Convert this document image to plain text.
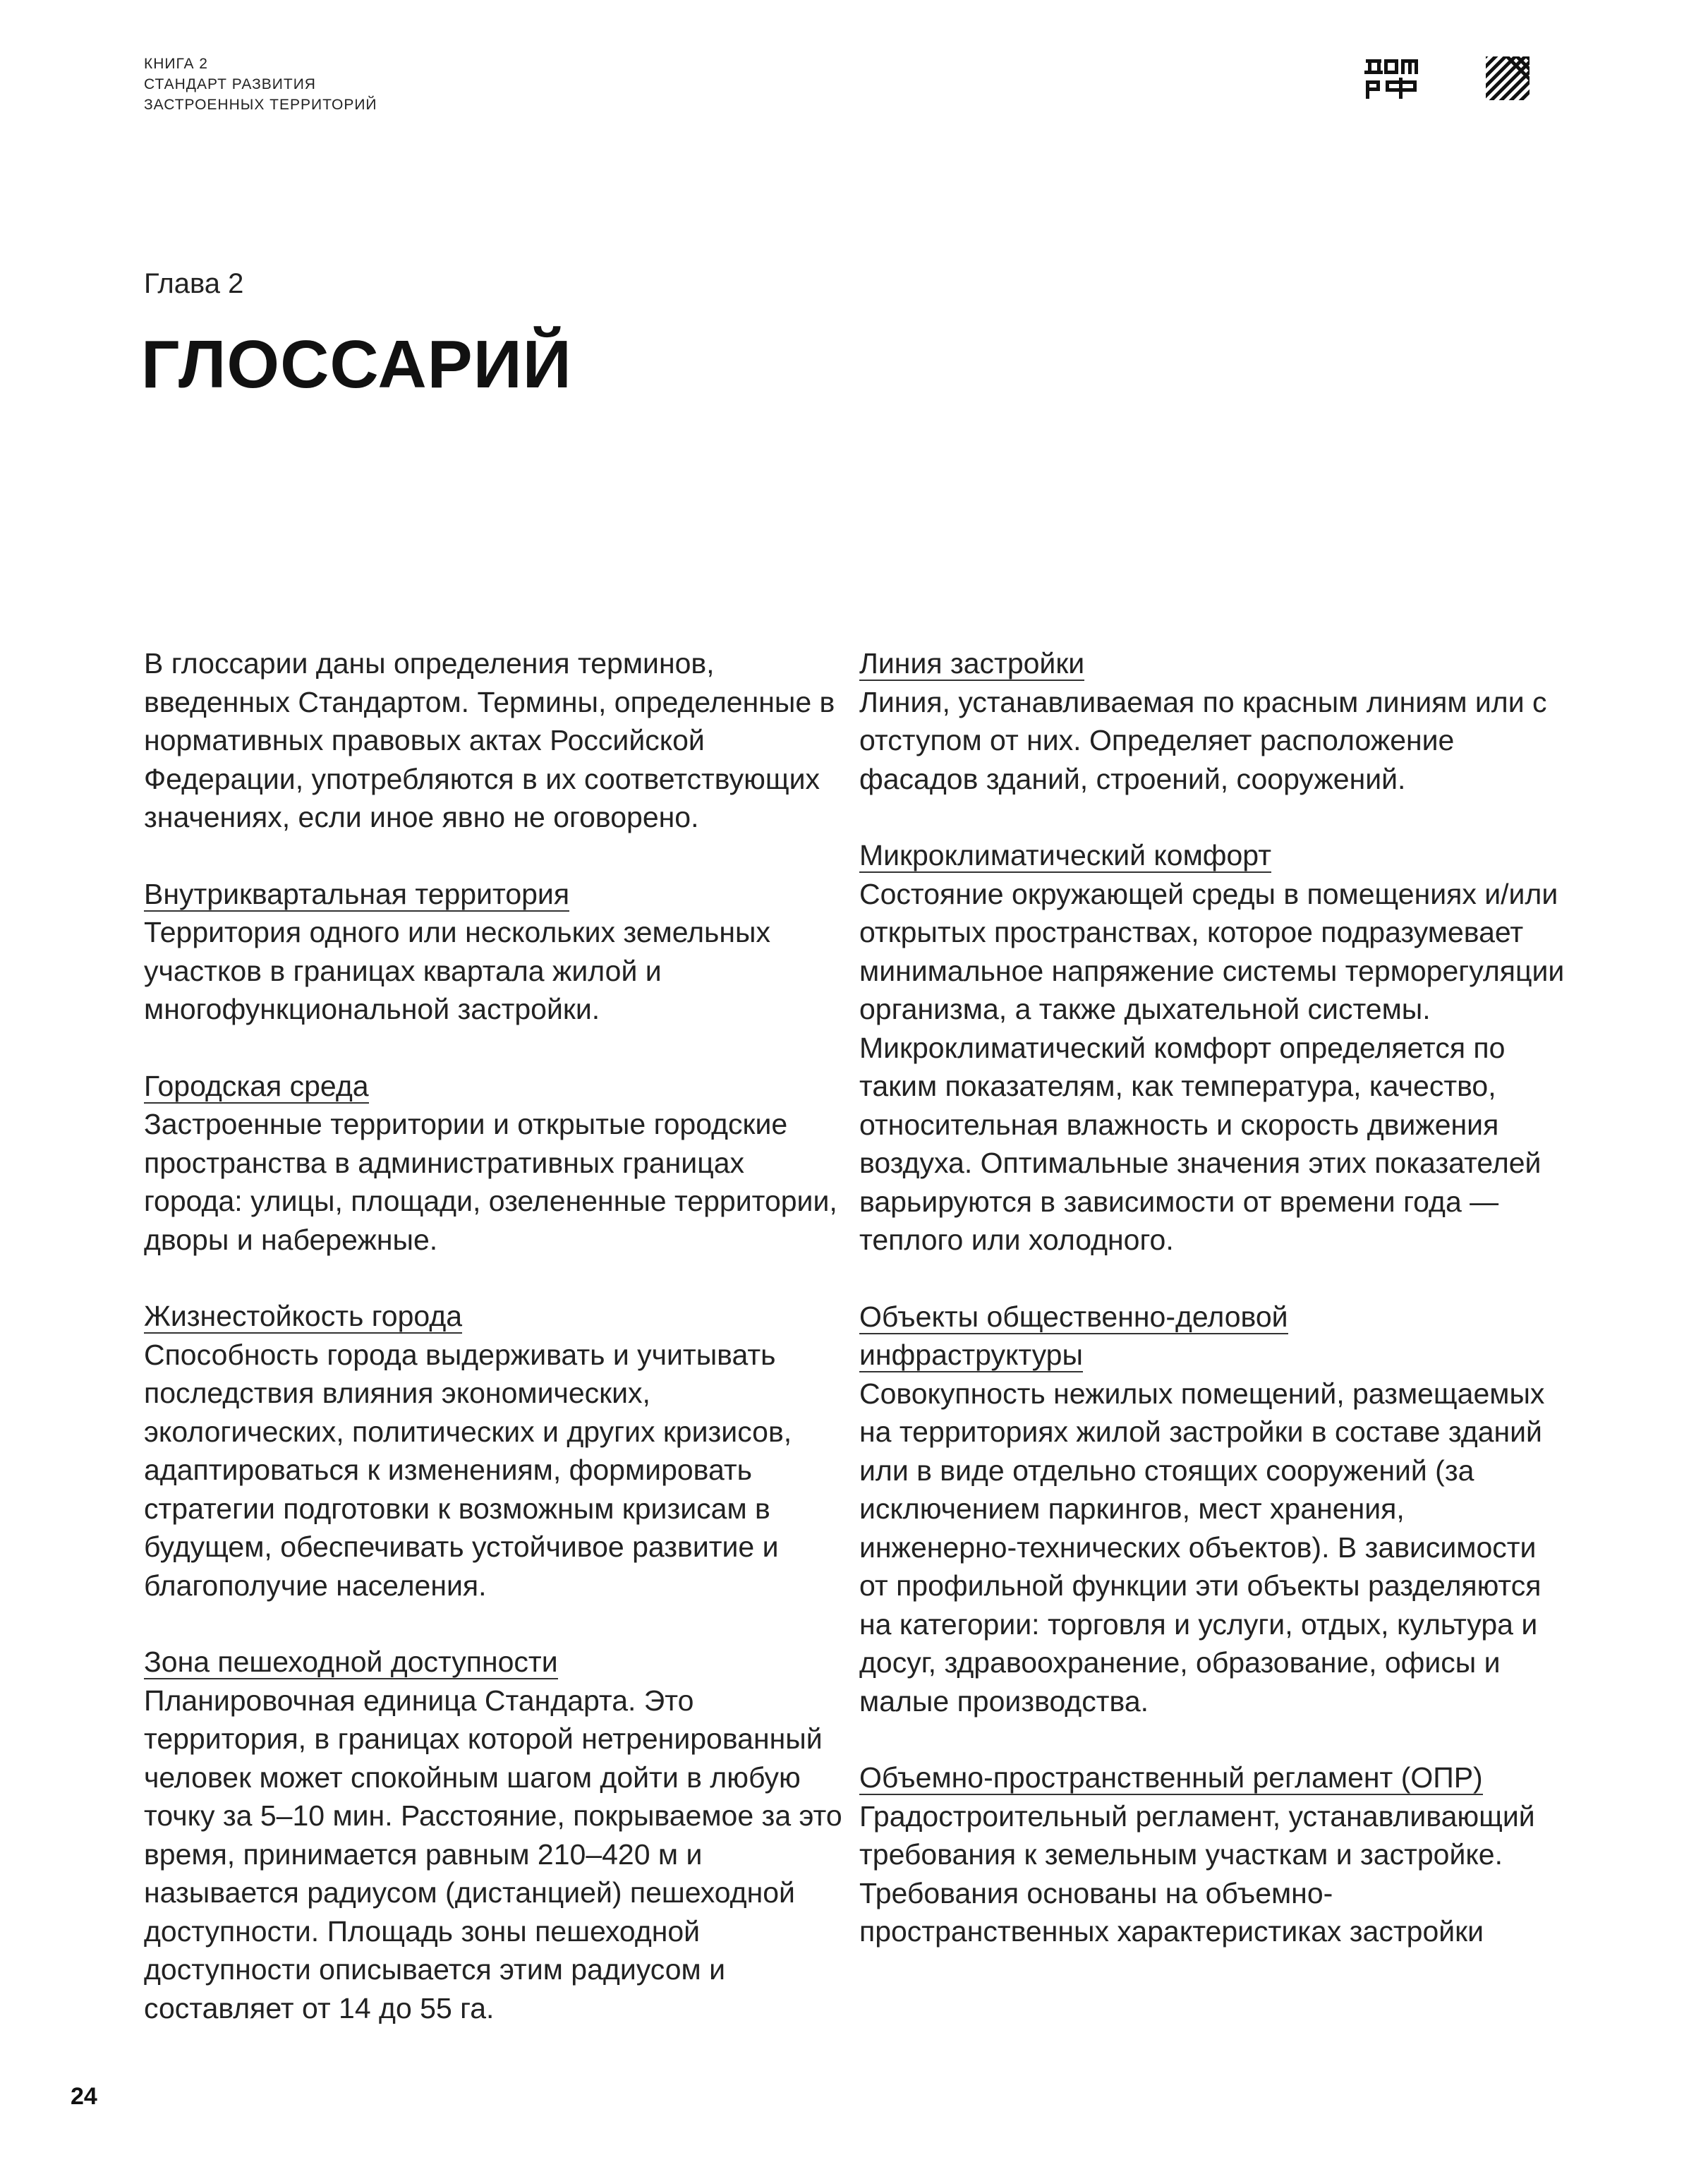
КНИГА 2
СТАНДАРТ РАЗВИТИЯ
ЗАСТРОЕННЫХ ТЕРРИТОРИЙ
Глава 2
ГЛОССАРИЙ

В глоссарии даны определения терминов, введенных Стандартом. Термины, определенные в нормативных правовых актах Российской Федерации, употребляются в их соответствующих значениях, если иное явно не оговорено.

Внутриквартальная территория

Территория одного или нескольких земельных участков в границах квартала жилой и многофункциональной застройки.

Городская среда

Застроенные территории и открытые городские пространства в административных границах города: улицы, площади, озелененные территории, дворы и набережные.

Жизнестойкость города

Способность города выдерживать и учитывать последствия влияния экономических, экологических, политических и других кризисов, адаптироваться к изменениям, формировать стратегии подготовки к возможным кризисам в будущем, обеспечивать устойчивое развитие и благополучие населения.

Зона пешеходной доступности

Планировочная единица Стандарта. Это территория, в границах которой нетренированный человек может спокойным шагом дойти в любую точку за 5–10 мин. Расстояние, покрываемое за это время, принимается равным 210–420 м и называется радиусом (дистанцией) пешеходной доступности. Площадь зоны пешеходной доступности описывается этим радиусом и составляет от 14 до 55 га.

Линия застройки

Линия, устанавливаемая по красным линиям или с отступом от них. Определяет расположение фасадов зданий, строений, сооружений.

Микроклиматический комфорт

Состояние окружающей среды в помещениях и/или открытых пространствах, которое подразумевает минимальное напряжение системы терморегуляции организма, а также дыхательной системы. Микроклиматический комфорт определяется по таким показателям, как температура, качество, относительная влажность и скорость движения воздуха. Оптимальные значения этих показателей варьируются в зависимости от времени года — теплого или холодного.

Объекты общественно-деловой
инфраструктуры

Совокупность нежилых помещений, размещаемых на территориях жилой застройки в составе зданий или в виде отдельно стоящих сооружений (за исключением паркингов, мест хранения, инженерно-технических объектов). В зависимости от профильной функции эти объекты разделяются на категории: торговля и услуги, отдых, культура и досуг, здравоохранение, образование, офисы и малые производства.

Объемно-пространственный регламент (ОПР)

Градостроительный регламент, устанавливающий требования к земельным участкам и застройке. Требования основаны на объемно-пространственных характеристиках застройки

24
